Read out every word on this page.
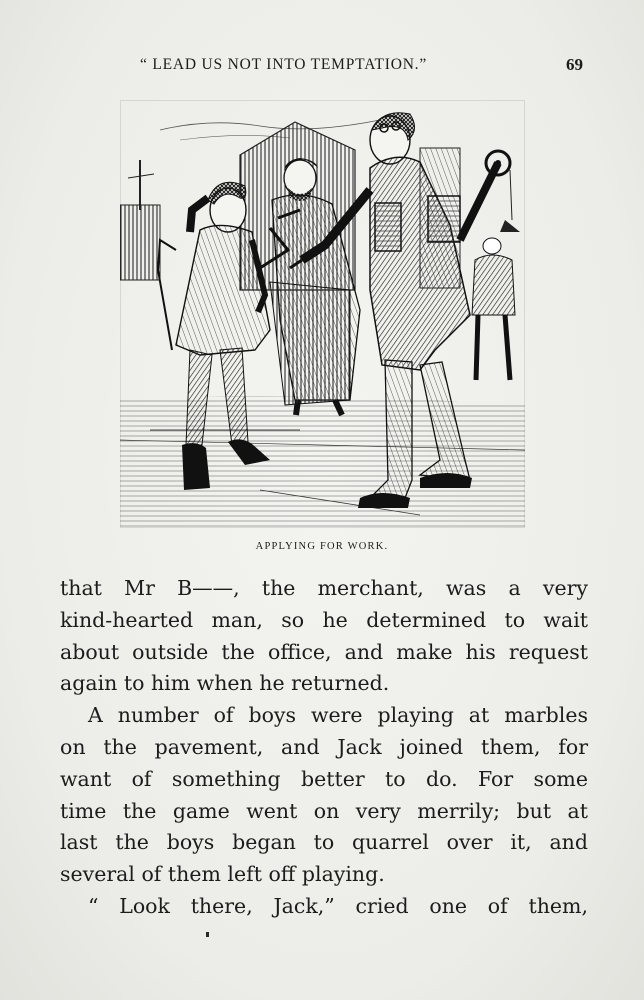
“ LEAD US NOT INTO TEMPTATION.”	69
APPLYING FOR WORK.
that Mr B——, the merchant, was a very
kind-hearted man, so he determined to wait
about outside the office, and make his request
again to him when he returned.
A number of boys were playing at marbles
on the pavement, and Jack joined them, for
want of something better to do. For some
time the game went on very merrily; but at
last the boys began to quarrel over it, and
several of them left off playing.
“ Look there, Jack,” cried one of them,
